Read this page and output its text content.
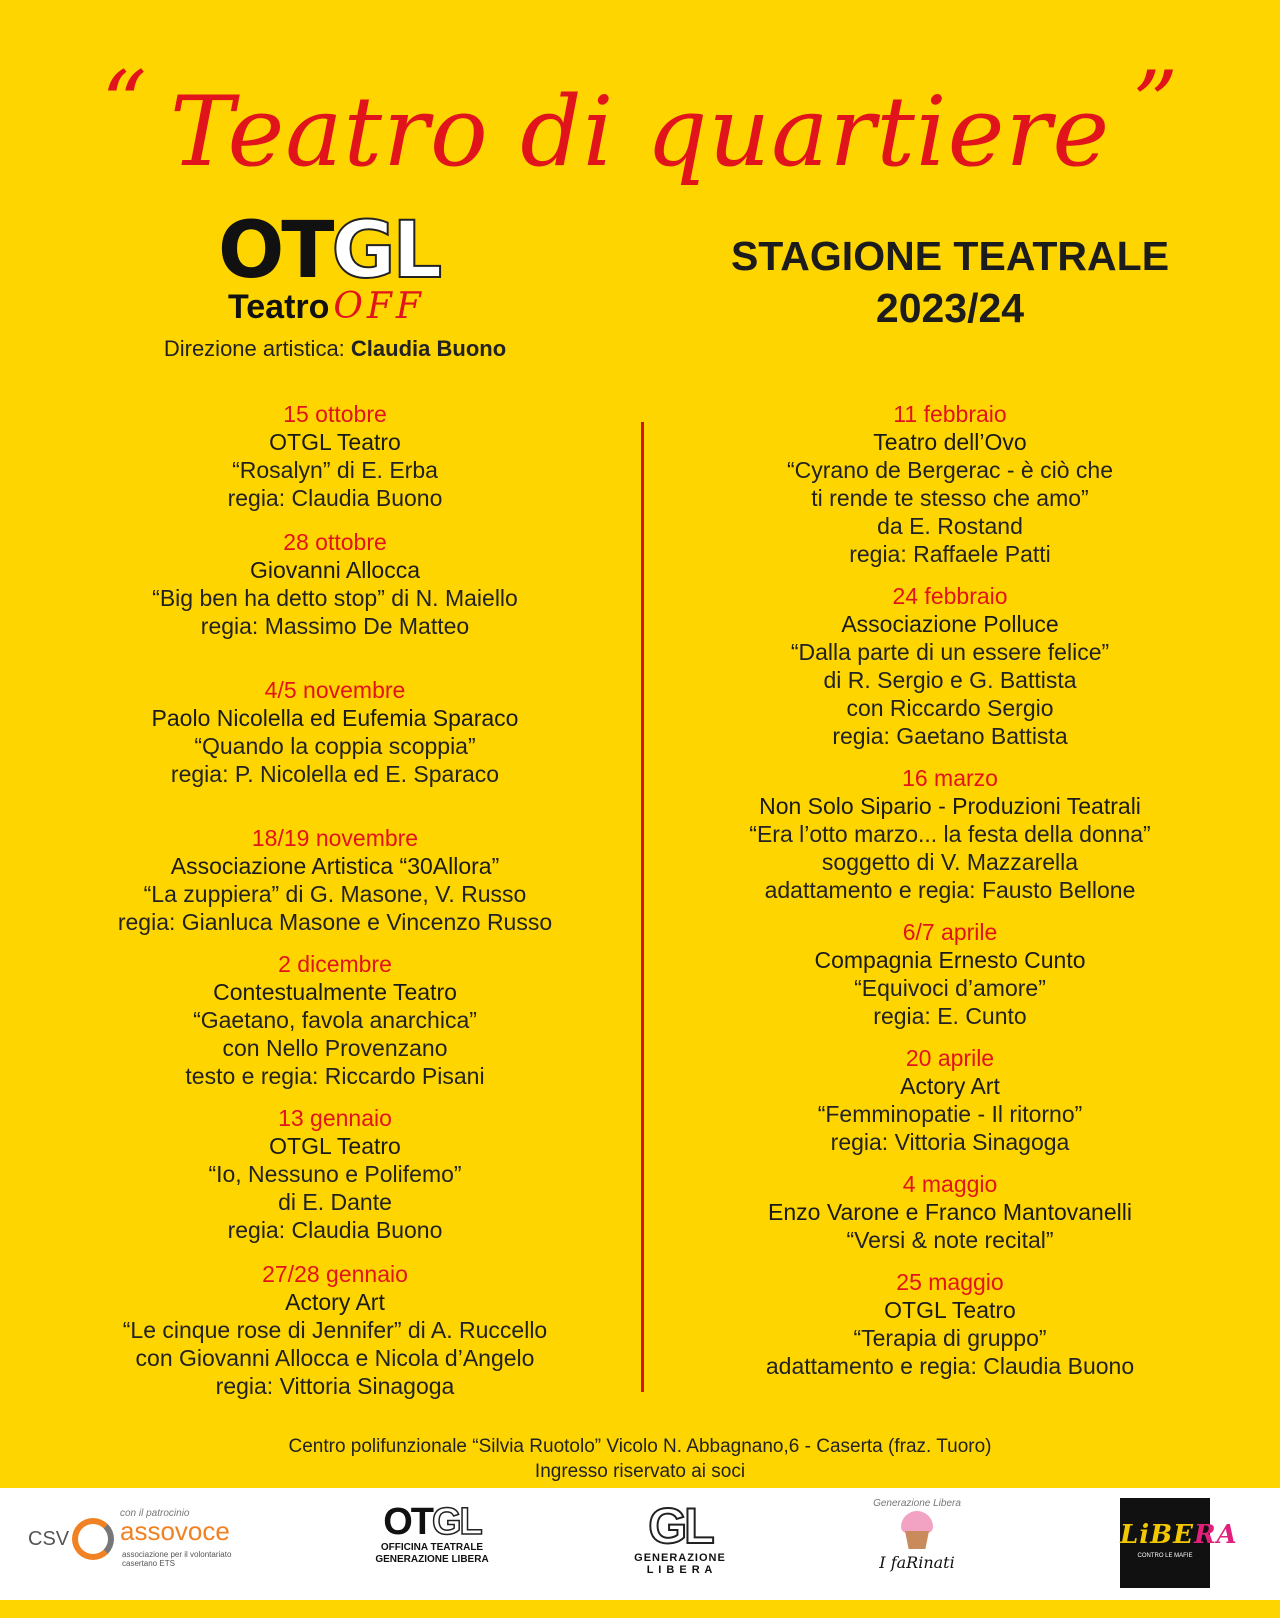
“ Teatro di quartiere ”
OTGL
Teatro OFF
Direzione artistica: Claudia Buono
STAGIONE TEATRALE
2023/24
15 ottobre
OTGL Teatro
“Rosalyn” di E. Erba
regia: Claudia Buono
28 ottobre
Giovanni Allocca
“Big ben ha detto stop” di N. Maiello
regia: Massimo De Matteo
4/5 novembre
Paolo Nicolella ed Eufemia Sparaco
“Quando la coppia scoppia”
regia: P. Nicolella ed E. Sparaco
18/19 novembre
Associazione Artistica “30Allora”
“La zuppiera” di G. Masone, V. Russo
regia: Gianluca Masone e Vincenzo Russo
2 dicembre
Contestualmente Teatro
“Gaetano, favola anarchica”
con Nello Provenzano
testo e regia: Riccardo Pisani
13 gennaio
OTGL Teatro
“Io, Nessuno e Polifemo”
di E. Dante
regia: Claudia Buono
27/28 gennaio
Actory Art
“Le cinque rose di Jennifer” di A. Ruccello
con Giovanni Allocca e Nicola d’Angelo
regia: Vittoria Sinagoga
11 febbraio
Teatro dell’Ovo
“Cyrano de Bergerac - è ciò che
ti rende te stesso che amo”
da E. Rostand
regia: Raffaele Patti
24 febbraio
Associazione Polluce
“Dalla parte di un essere felice”
di R. Sergio e G. Battista
con Riccardo Sergio
regia: Gaetano Battista
16 marzo
Non Solo Sipario - Produzioni Teatrali
“Era l’otto marzo... la festa della donna”
soggetto di V. Mazzarella
adattamento e regia: Fausto Bellone
6/7 aprile
Compagnia Ernesto Cunto
“Equivoci d’amore”
regia: E. Cunto
20 aprile
Actory Art
“Femminopatie - Il ritorno”
regia: Vittoria Sinagoga
4 maggio
Enzo Varone e Franco Mantovanelli
“Versi & note recital”
25 maggio
OTGL Teatro
“Terapia di gruppo”
adattamento e regia: Claudia Buono
Centro polifunzionale “Silvia Ruotolo” Vicolo N. Abbagnano,6 - Caserta (fraz. Tuoro)
Ingresso riservato ai soci
CSV
con il patrocinio
assovoce
associazione per il volontariato casertano ETS
OTGL
OFFICINA TEATRALE
GENERAZIONE LIBERA
GL
GENERAZIONE
L I B E R A
Generazione Libera
I faRinati
LiBERA
CONTRO LE MAFIE
